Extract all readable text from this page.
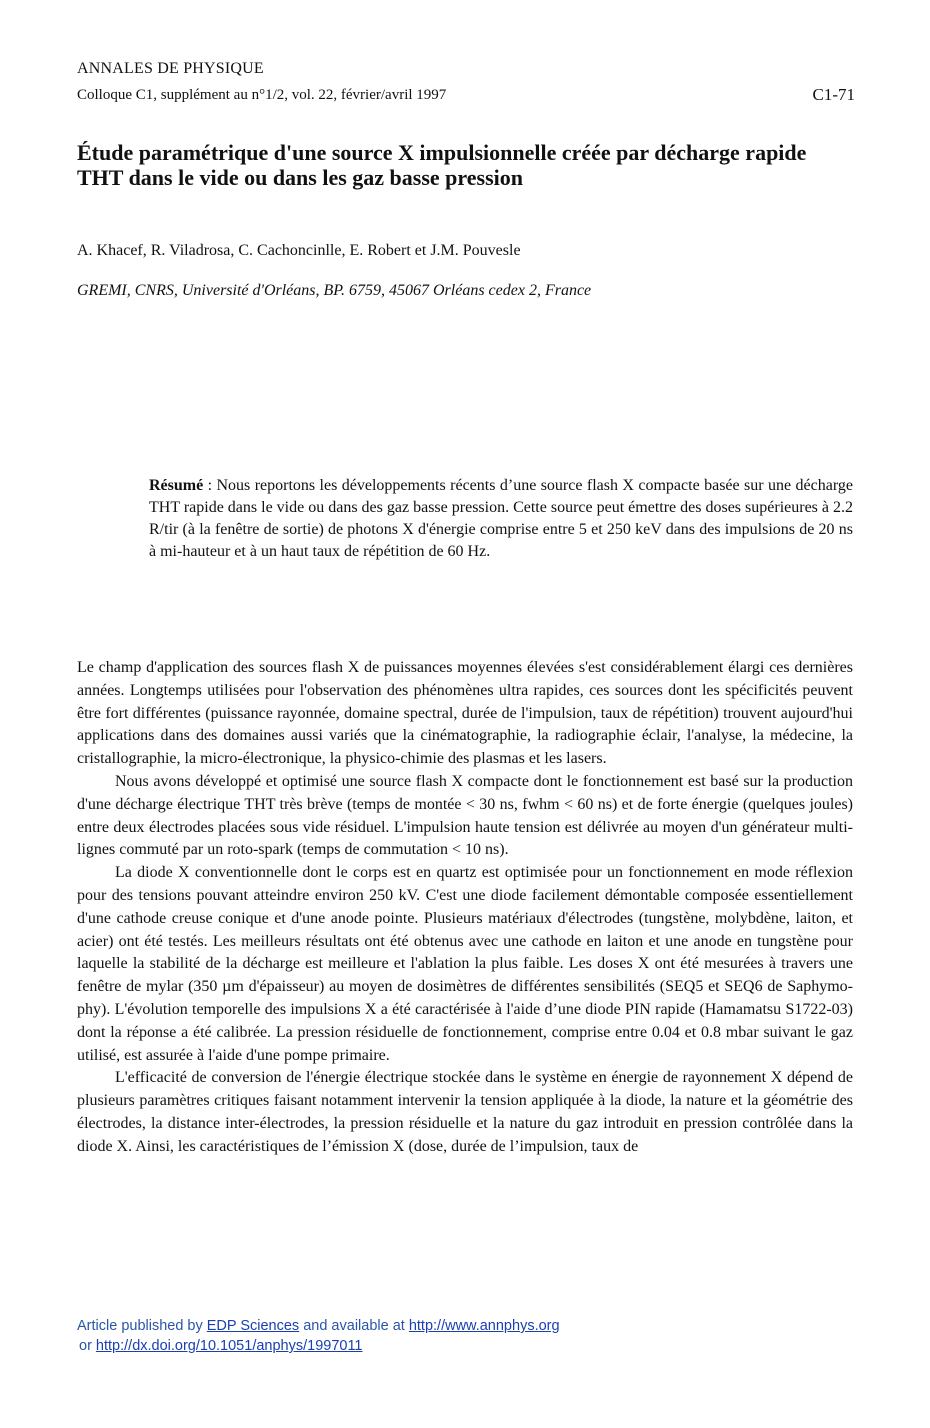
ANNALES DE PHYSIQUE
Colloque C1, supplément au n°1/2, vol. 22, février/avril 1997	C1-71
Étude paramétrique d'une source X impulsionnelle créée par décharge rapide THT dans le vide ou dans les gaz basse pression
A. Khacef, R. Viladrosa, C. Cachoncinlle, E. Robert et J.M. Pouvesle
GREMI, CNRS, Université d'Orléans, BP. 6759, 45067 Orléans cedex 2, France

Résumé : Nous reportons les développements récents d’une source flash X compacte basée sur une décharge THT rapide dans le vide ou dans des gaz basse pression. Cette source peut émettre des doses supérieures à 2.2 R/tir (à la fenêtre de sortie) de photons X d'énergie comprise entre 5 et 250 keV dans des impulsions de 20 ns à mi-hauteur et à un haut taux de répétition de 60 Hz.

Le champ d'application des sources flash X de puissances moyennes élevées s'est considérablement élargi ces dernières années. Longtemps utilisées pour l'observation des phénomènes ultra rapides, ces sources dont les spécificités peuvent être fort différentes (puissance rayonnée, domaine spectral, durée de l'impulsion, taux de répétition) trouvent aujourd'hui applications dans des domaines aussi variés que la cinématographie, la radiographie éclair, l'analyse, la médecine, la cristallographie, la micro-électronique, la physico-chimie des plasmas et les lasers.

Nous avons développé et optimisé une source flash X compacte dont le fonctionnement est basé sur la production d'une décharge électrique THT très brève (temps de montée < 30 ns, fwhm < 60 ns) et de forte énergie (quelques joules) entre deux électrodes placées sous vide résiduel. L'impulsion haute tension est délivrée au moyen d'un générateur multi-lignes commuté par un roto-spark (temps de commutation < 10 ns).

La diode X conventionnelle dont le corps est en quartz est optimisée pour un fonctionnement en mode réflexion pour des tensions pouvant atteindre environ 250 kV. C'est une diode facilement démontable composée essentiellement d'une cathode creuse conique et d'une anode pointe. Plusieurs matériaux d'électrodes (tungstène, molybdène, laiton, et acier) ont été testés. Les meilleurs résultats ont été obtenus avec une cathode en laiton et une anode en tungstène pour laquelle la stabilité de la décharge est meilleure et l'ablation la plus faible. Les doses X ont été mesurées à travers une fenêtre de mylar (350 µm d'épaisseur) au moyen de dosimètres de différentes sensibilités (SEQ5 et SEQ6 de Saphymo-phy). L'évolution temporelle des impulsions X a été caractérisée à l'aide d’une diode PIN rapide (Hamamatsu S1722-03) dont la réponse a été calibrée. La pression résiduelle de fonctionnement, comprise entre 0.04 et 0.8 mbar suivant le gaz utilisé, est assurée à l'aide d'une pompe primaire.

L'efficacité de conversion de l'énergie électrique stockée dans le système en énergie de rayonnement X dépend de plusieurs paramètres critiques faisant notamment intervenir la tension appliquée à la diode, la nature et la géométrie des électrodes, la distance inter-électrodes, la pression résiduelle et la nature du gaz introduit en pression contrôlée dans la diode X. Ainsi, les caractéristiques de l’émission X (dose, durée de l’impulsion, taux de

Article published by EDP Sciences and available at http://www.annphys.org
or http://dx.doi.org/10.1051/anphys/1997011
